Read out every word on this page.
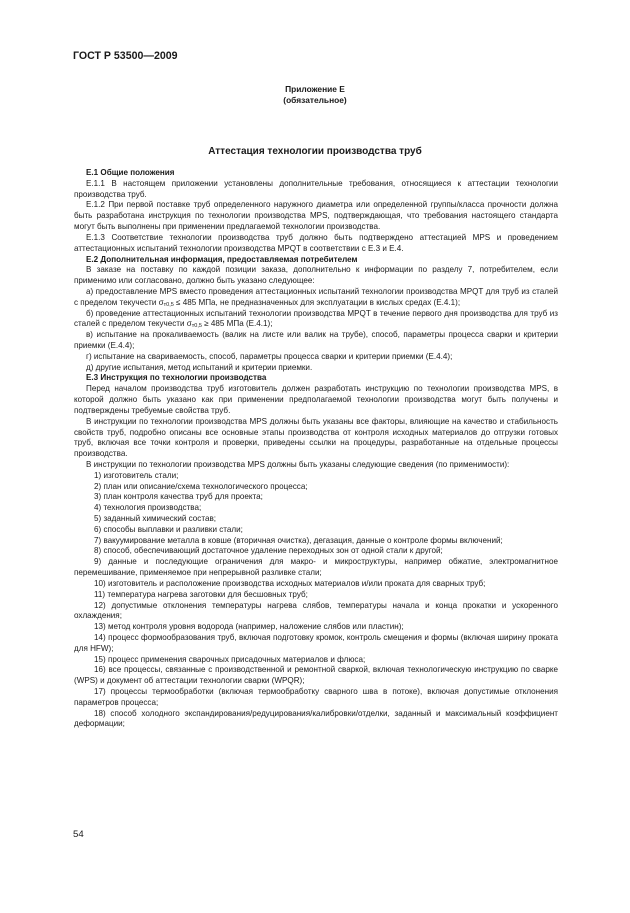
ГОСТ Р 53500—2009
Приложение Е
(обязательное)
Аттестация технологии производства труб

Е.1 Общие положения

Е.1.1 В настоящем приложении установлены дополнительные требования, относящиеся к аттестации технологии производства труб.

Е.1.2 При первой поставке труб определенного наружного диаметра или определенной группы/класса прочности должна быть разработана инструкция по технологии производства MPS, подтверждающая, что требования настоящего стандарта могут быть выполнены при применении предлагаемой технологии производства.

Е.1.3 Соответствие технологии производства труб должно быть подтверждено аттестацией MPS и проведением аттестационных испытаний технологии производства MPQT в соответствии с Е.3 и Е.4.

Е.2 Дополнительная информация, предоставляемая потребителем

В заказе на поставку по каждой позиции заказа, дополнительно к информации по разделу 7, потребителем, если применимо или согласовано, должно быть указано следующее:

а) предоставление MPS вместо проведения аттестационных испытаний технологии производства MPQT для труб из сталей с пределом текучести $\sigma_{т0,5} \le 485$ МПа, не предназначенных для эксплуатации в кислых средах (Е.4.1);

б) проведение аттестационных испытаний технологии производства MPQT в течение первого дня производства для труб из сталей с пределом текучести $\sigma_{т0,5} \ge 485$ МПа (Е.4.1);

в) испытание на прокаливаемость (валик на листе или валик на трубе), способ, параметры процесса сварки и критерии приемки (Е.4.4);

г) испытание на свариваемость, способ, параметры процесса сварки и критерии приемки (Е.4.4);

д) другие испытания, метод испытаний и критерии приемки.

Е.3 Инструкция по технологии производства

Перед началом производства труб изготовитель должен разработать инструкцию по технологии производства MPS, в которой должно быть указано как при применении предполагаемой технологии производства могут быть получены и подтверждены требуемые свойства труб.

В инструкции по технологии производства MPS должны быть указаны все факторы, влияющие на качество и стабильность свойств труб, подробно описаны все основные этапы производства от контроля исходных материалов до отгрузки готовых труб, включая все точки контроля и проверки, приведены ссылки на процедуры, разработанные на отдельные процессы производства.

В инструкции по технологии производства MPS должны быть указаны следующие сведения (по применимости):

1) изготовитель стали;

2) план или описание/схема технологического процесса;

3) план контроля качества труб для проекта;

4) технология производства;

5) заданный химический состав;

6) способы выплавки и разливки стали;

7) вакуумирование металла в ковше (вторичная очистка), дегазация, данные о контроле формы включений;

8) способ, обеспечивающий достаточное удаление переходных зон от одной стали к другой;

9) данные и последующие ограничения для макро- и микроструктуры, например обжатие, электромагнитное перемешивание, применяемое при непрерывной разливке стали;

10) изготовитель и расположение производства исходных материалов и/или проката для сварных труб;

11) температура нагрева заготовки для бесшовных труб;

12) допустимые отклонения температуры нагрева слябов, температуры начала и конца прокатки и ускоренного охлаждения;

13) метод контроля уровня водорода (например, наложение слябов или пластин);

14) процесс формообразования труб, включая подготовку кромок, контроль смещения и формы (включая ширину проката для HFW);

15) процесс применения сварочных присадочных материалов и флюса;

16) все процессы, связанные с производственной и ремонтной сваркой, включая технологическую инструкцию по сварке (WPS) и документ об аттестации технологии сварки (WPQR);

17) процессы термообработки (включая термообработку сварного шва в потоке), включая допустимые отклонения параметров процесса;

18) способ холодного экспандирования/редуцирования/калибровки/отделки, заданный и максимальный коэффициент деформации;

54
